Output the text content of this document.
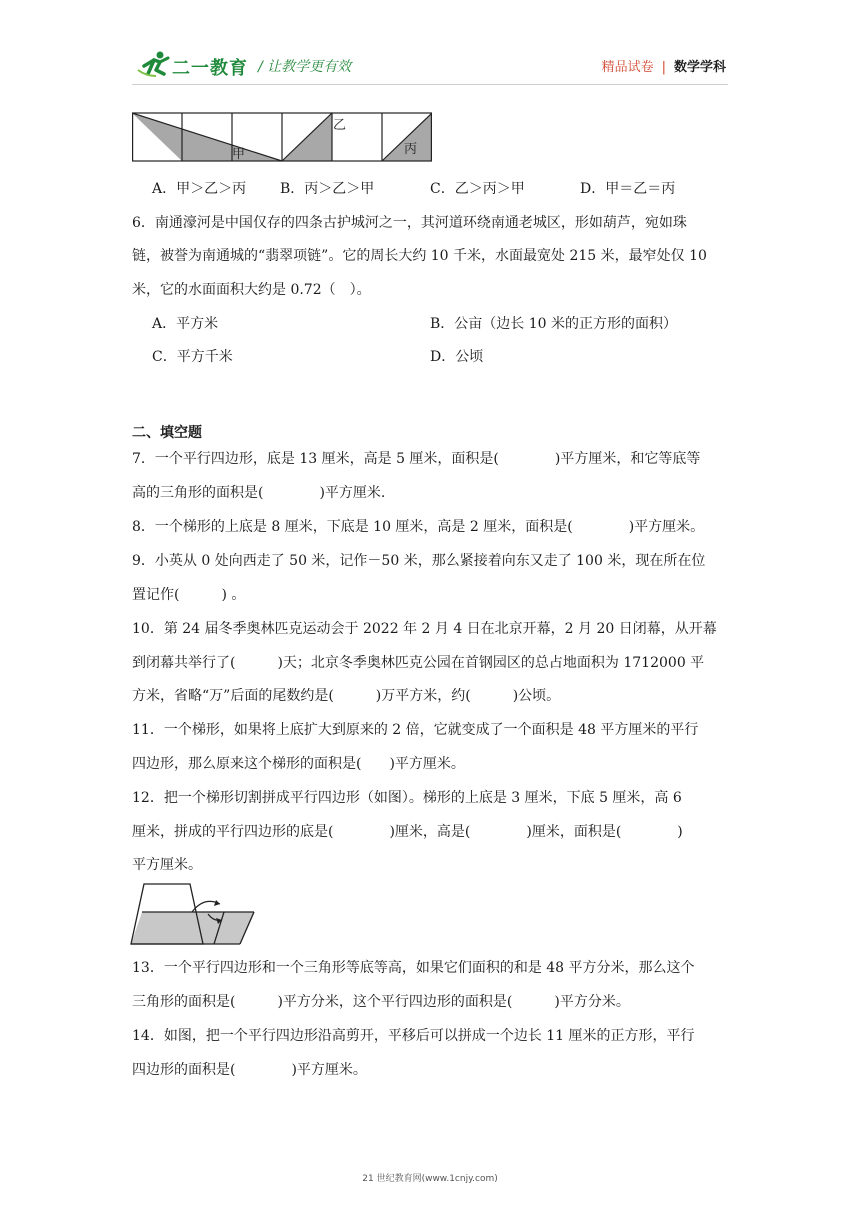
二一教育 / 让教学更有效	精品试卷 | 数学学科
甲
乙
丙
A．甲＞乙＞丙 B．丙＞乙＞甲	C．乙＞丙＞甲	D．甲＝乙＝丙
6．南通濠河是中国仅存的四条古护城河之一，其河道环绕南通老城区，形如葫芦，宛如珠
链，被誉为南通城的“翡翠项链”。它的周长大约 10 千米，水面最宽处 215 米，最窄处仅 10
米，它的水面面积大约是 0.72（　）。
A．平方米	B．公亩（边长 10 米的正方形的面积）
C．平方千米	D．公顷
二、填空题
7．一个平行四边形，底是 13 厘米，高是 5 厘米，面积是(　　　　)平方厘米，和它等底等
高的三角形的面积是(　　　　)平方厘米.
8．一个梯形的上底是 8 厘米，下底是 10 厘米，高是 2 厘米，面积是(　　　　)平方厘米。
9．小英从 0 处向西走了 50 米，记作－50 米，那么紧接着向东又走了 100 米，现在所在位
置记作(　　　) 。
10．第 24 届冬季奥林匹克运动会于 2022 年 2 月 4 日在北京开幕，2 月 20 日闭幕，从开幕
到闭幕共举行了(　　　)天；北京冬季奥林匹克公园在首钢园区的总占地面积为 1712000 平
方米，省略“万”后面的尾数约是(　　　)万平方米，约(　　　)公顷。
11．一个梯形，如果将上底扩大到原来的 2 倍，它就变成了一个面积是 48 平方厘米的平行
四边形，那么原来这个梯形的面积是(　　)平方厘米。
12．把一个梯形切割拼成平行四边形（如图）。梯形的上底是 3 厘米，下底 5 厘米，高 6
厘米，拼成的平行四边形的底是(　　　　)厘米，高是(　　　　)厘米，面积是(　　　　)
平方厘米。
13．一个平行四边形和一个三角形等底等高，如果它们面积的和是 48 平方分米，那么这个
三角形的面积是(　　　)平方分米，这个平行四边形的面积是(　　　)平方分米。
14．如图，把一个平行四边形沿高剪开，平移后可以拼成一个边长 11 厘米的正方形，平行
四边形的面积是(　　　　)平方厘米。
21 世纪教育网(www.1cnjy.com)
